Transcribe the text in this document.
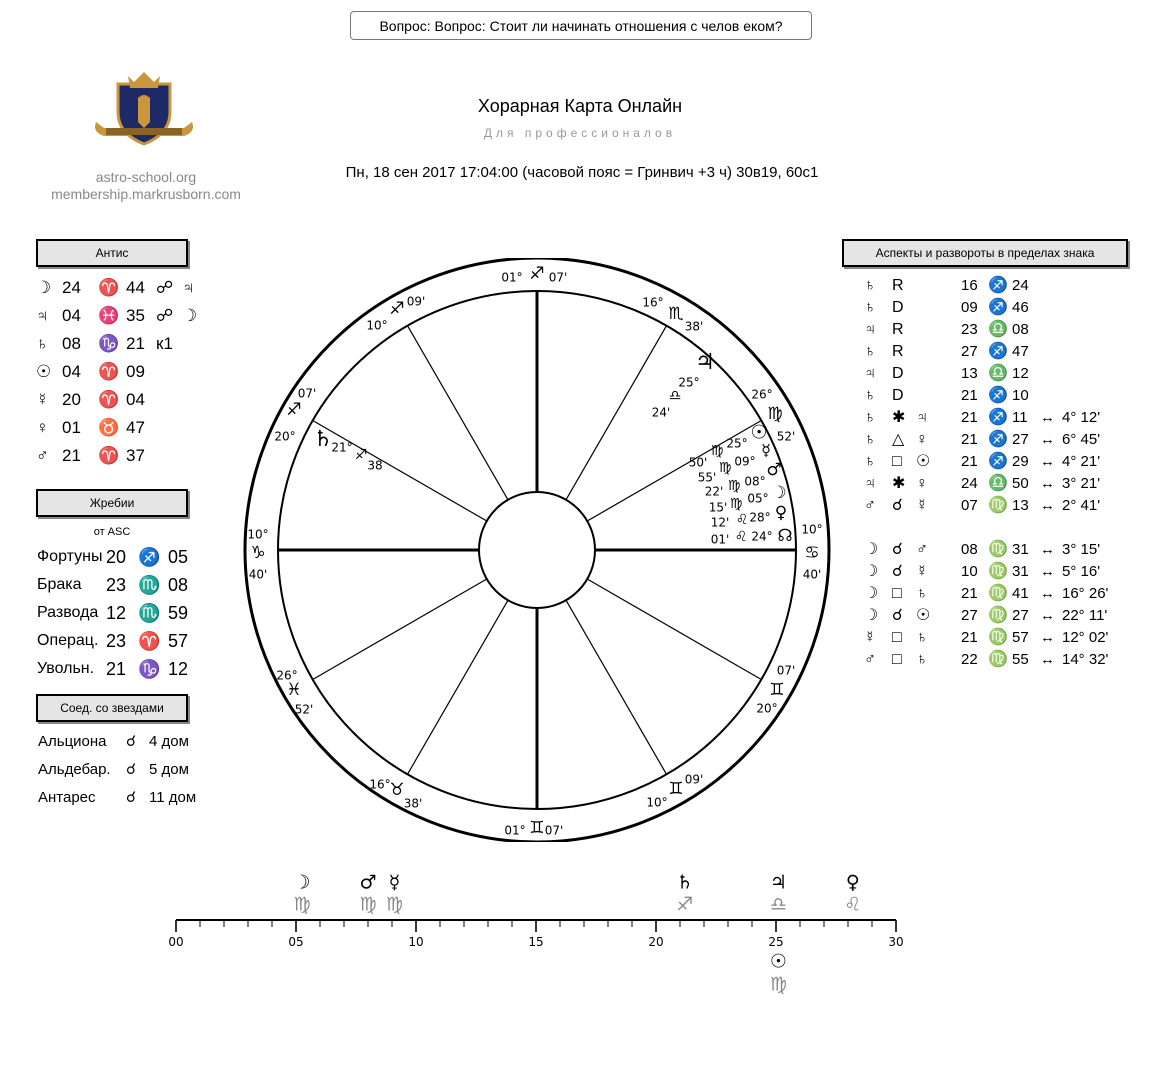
Вопрос: Вопрос: Стоит ли начинать отношения с челов еком?
astro-school.org
membership.markrusborn.com
Хорарная Карта Онлайн
Для профессионалов
Пн, 18 сен 2017 17:04:00 (часовой пояс = Гринвич +3 ч) 30в19, 60с1
Антис
☽ 24 ♈ 44 ☍ ♃
♃ 04 ♓ 35 ☍ ☽
♄ 08 ♑ 21 к1
☉ 04 ♈ 09
☿ 20 ♈ 04
♀ 01 ♉ 47
♂ 21 ♈ 37
Жребии
от ASC
Фортуны 20 ♐ 05
Брака 23 ♏ 08
Развода 12 ♏ 59
Операц. 23 ♈ 57
Увольн. 21 ♑ 12
Соед. со звездами
Альциона ☌ 4 дом
Альдебар. ☌ 5 дом
Антарес ☌ 11 дом
Аспекты и развороты в пределах знака
♄ R	16 ♐ 24
♄ D	09 ♐ 46
♃ R	23 ♎ 08
♄ R	27 ♐ 47
♃ D	13 ♎ 12
♄ D	21 ♐ 10
♄ ✱ ♃ 21 ♐ 11 ↔ 4° 12'
♄ △ ♀ 21 ♐ 27 ↔ 6° 45'
♄ □ ☉ 21 ♐ 29 ↔ 4° 21'
♃ ✱ ♀ 24 ♎ 50 ↔ 3° 21'
♂ ☌ ☿ 07 ♍ 13 ↔ 2° 41'
☽ ☌ ♂ 08 ♍ 31 ↔ 3° 15'
☽ ☌ ☿ 10 ♍ 31 ↔ 5° 16'
☽ □ ♄ 21 ♍ 41 ↔ 16° 26'
☽ ☌ ☉ 27 ♍ 27 ↔ 22° 11'
☿ □ ♄ 21 ♍ 57 ↔ 12° 02'
♂ □ ♄ 22 ♍ 55 ↔ 14° 32'
10°
♋
40'
26°
♍
52'
16°
♏
38'
01° ♐ 07'
10°
♐ 09'
20°
♐
07'
10°
♑
40'
26°
♓
52'
16°
♉
38'
01° ♊ 07'
10°
♊ 09'
20°
♊
07'
♃
25°
♎
24'
♄
21° ♐
38
☉
25°
♍
50'
☿
09°
♍
55'	♂
08°
♍
22'	☽
05°
♍
15'	♀
28°
♌
12'
☊
24°
♌
01'
00	05	10	15	20	25	30
☽
♍
♂
♍
☿
♍
♄
♐
♃
♎
♀
♌
☉
♍
